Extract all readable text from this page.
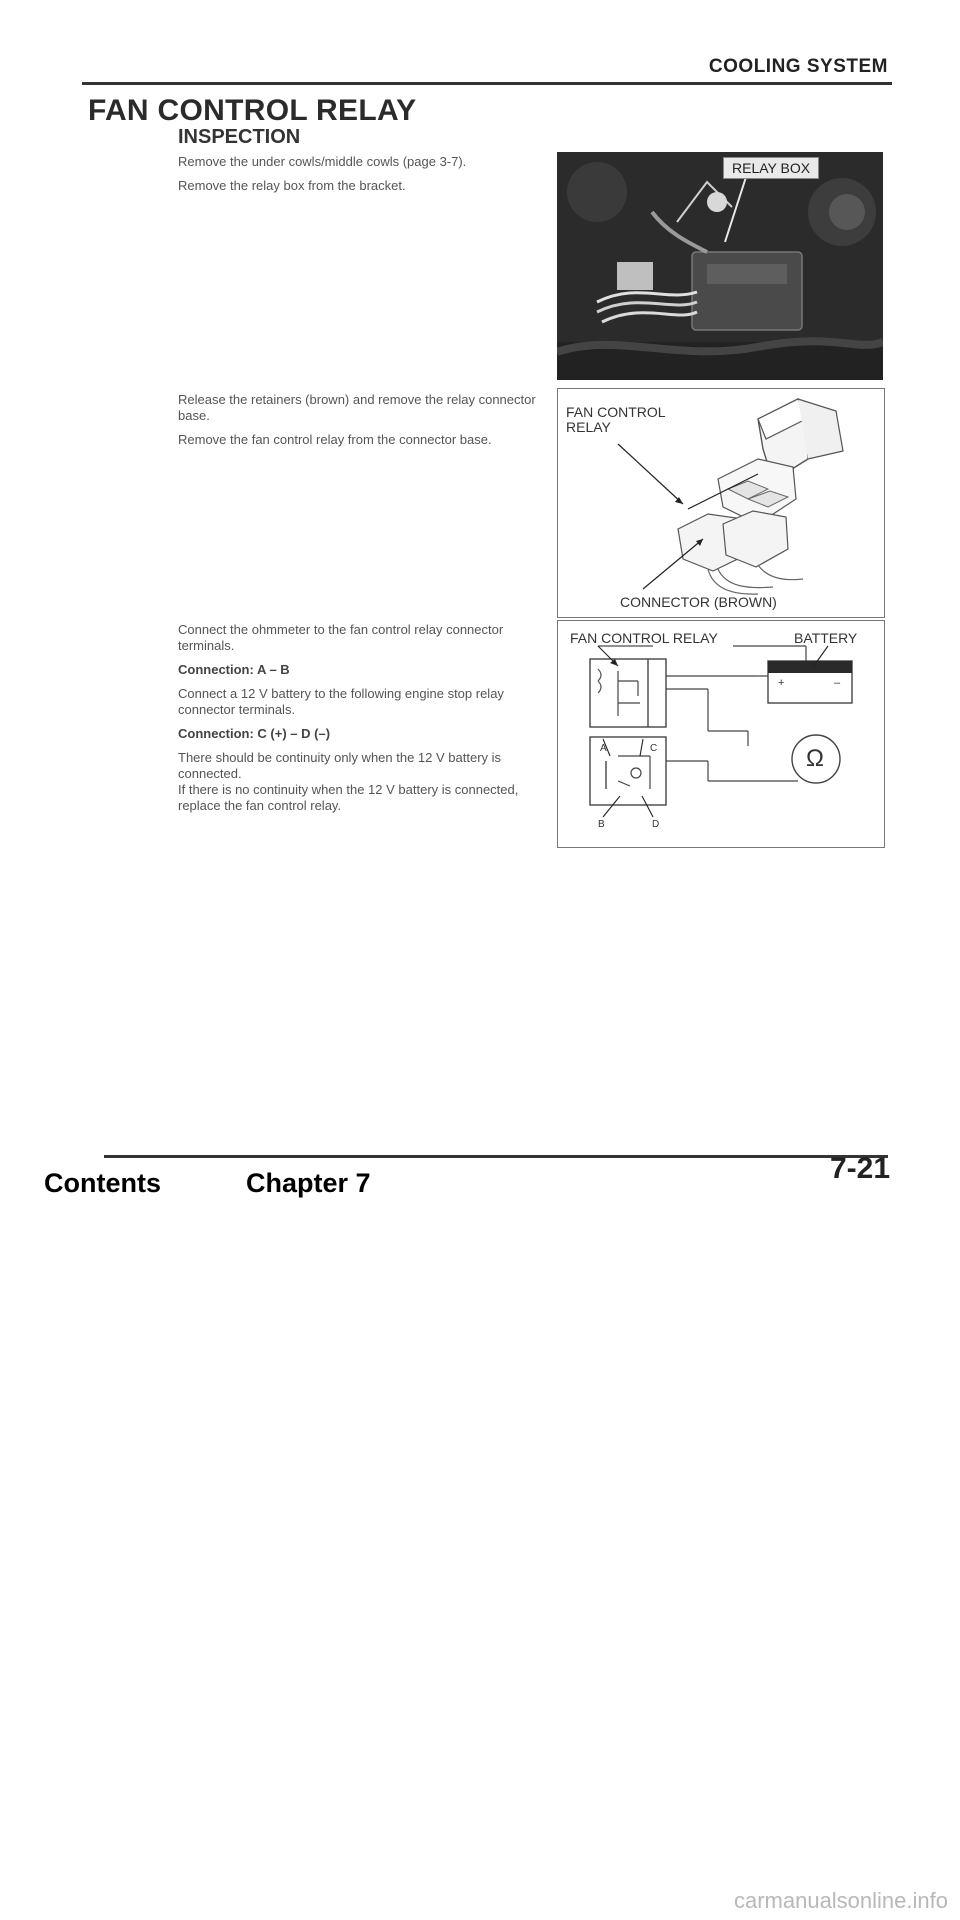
COOLING SYSTEM
FAN CONTROL RELAY
INSPECTION

Remove the under cowls/middle cowls (page 3-7).

Remove the relay box from the bracket.

Release the retainers (brown) and remove the relay connector base.

Remove the fan control relay from the connector base.

Connect the ohmmeter to the fan control relay connector terminals.

Connection: A – B

Connect a 12 V battery to the following engine stop relay connector terminals.

Connection: C (+) – D (–)

There should be continuity only when the 12 V battery is connected.

If there is no continuity when the 12 V battery is connected, replace the fan control relay.

RELAY BOX
FAN CONTROL
RELAY
CONNECTOR (BROWN)
FAN CONTROL RELAY	BATTERY
A	C
B	D
Ω
+	–
Contents	Chapter 7	7-21
carmanualsonline.info
